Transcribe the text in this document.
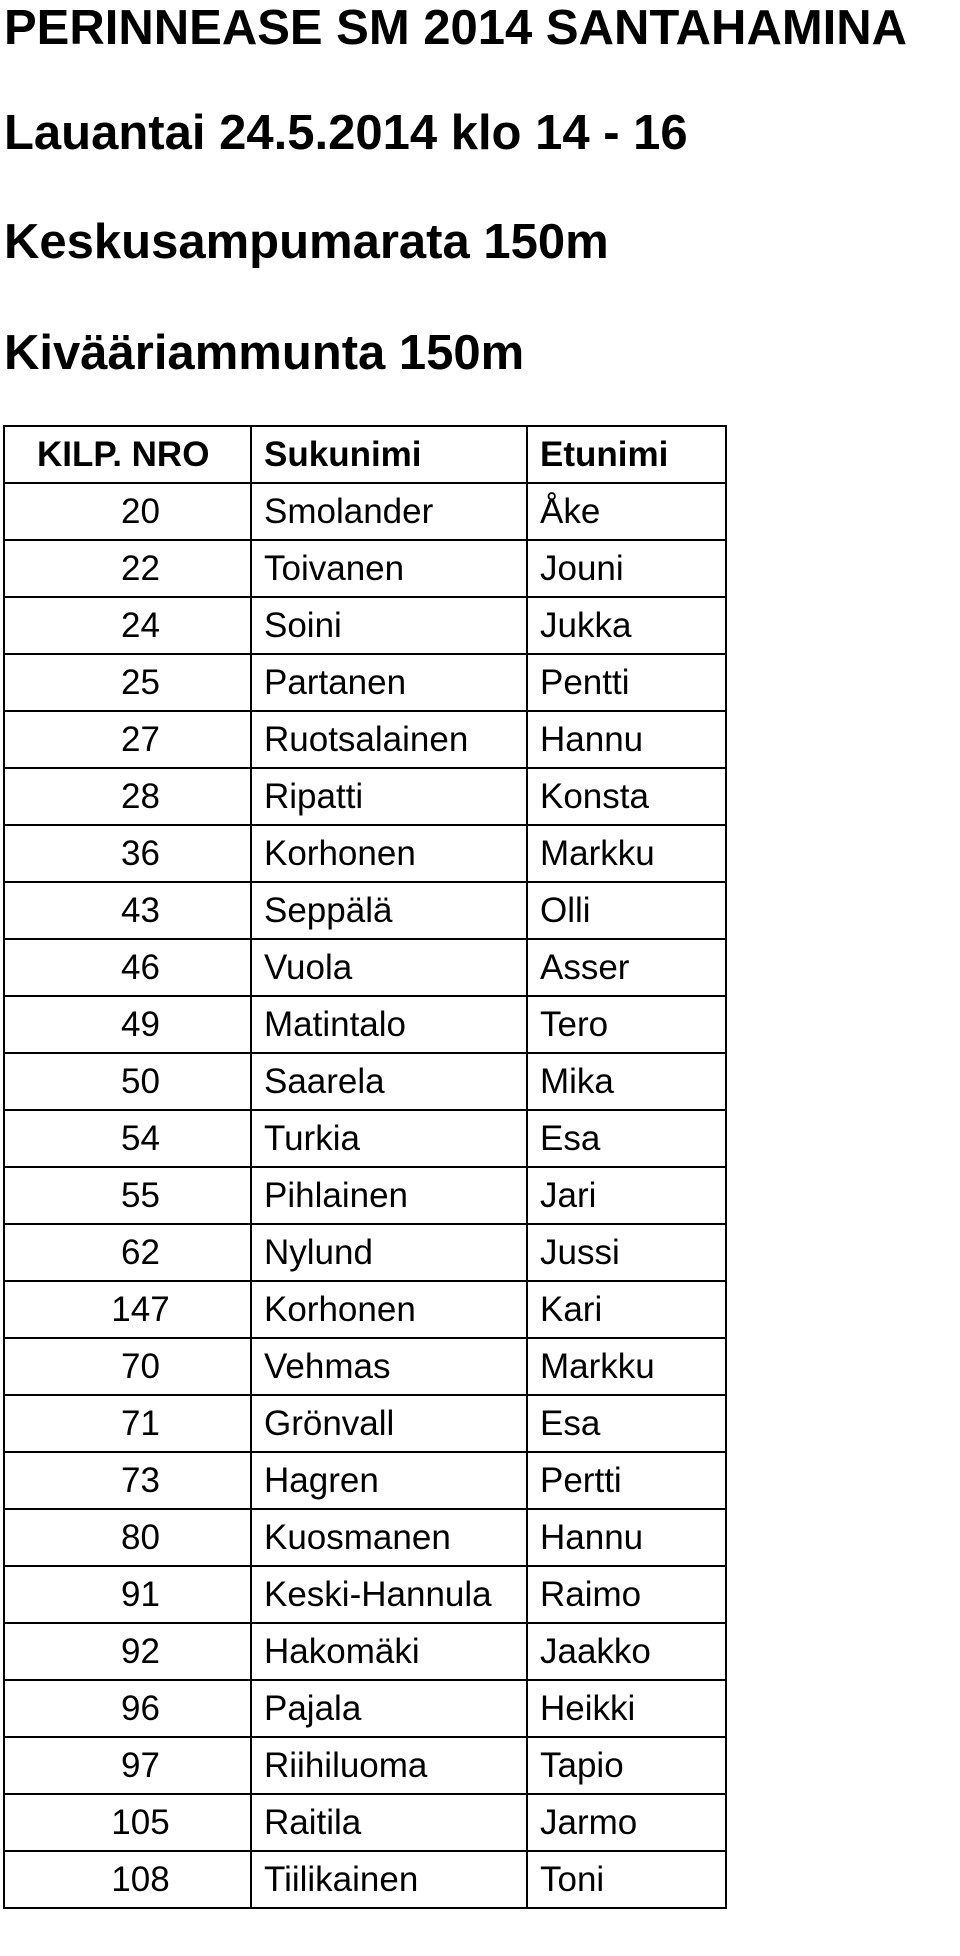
PERINNEASE SM 2014 SANTAHAMINA
Lauantai 24.5.2014 klo 14 - 16
Keskusampumarata 150m
Kivääriammunta 150m
KILP. NRO	Sukunimi	Etunimi
20	Smolander	Åke
22	Toivanen	Jouni
24	Soini	Jukka
25	Partanen	Pentti
27	Ruotsalainen	Hannu
28	Ripatti	Konsta
36	Korhonen	Markku
43	Seppälä	Olli
46	Vuola	Asser
49	Matintalo	Tero
50	Saarela	Mika
54	Turkia	Esa
55	Pihlainen	Jari
62	Nylund	Jussi
147	Korhonen	Kari
70	Vehmas	Markku
71	Grönvall	Esa
73	Hagren	Pertti
80	Kuosmanen	Hannu
91	Keski-Hannula	Raimo
92	Hakomäki	Jaakko
96	Pajala	Heikki
97	Riihiluoma	Tapio
105	Raitila	Jarmo
108	Tiilikainen	Toni
